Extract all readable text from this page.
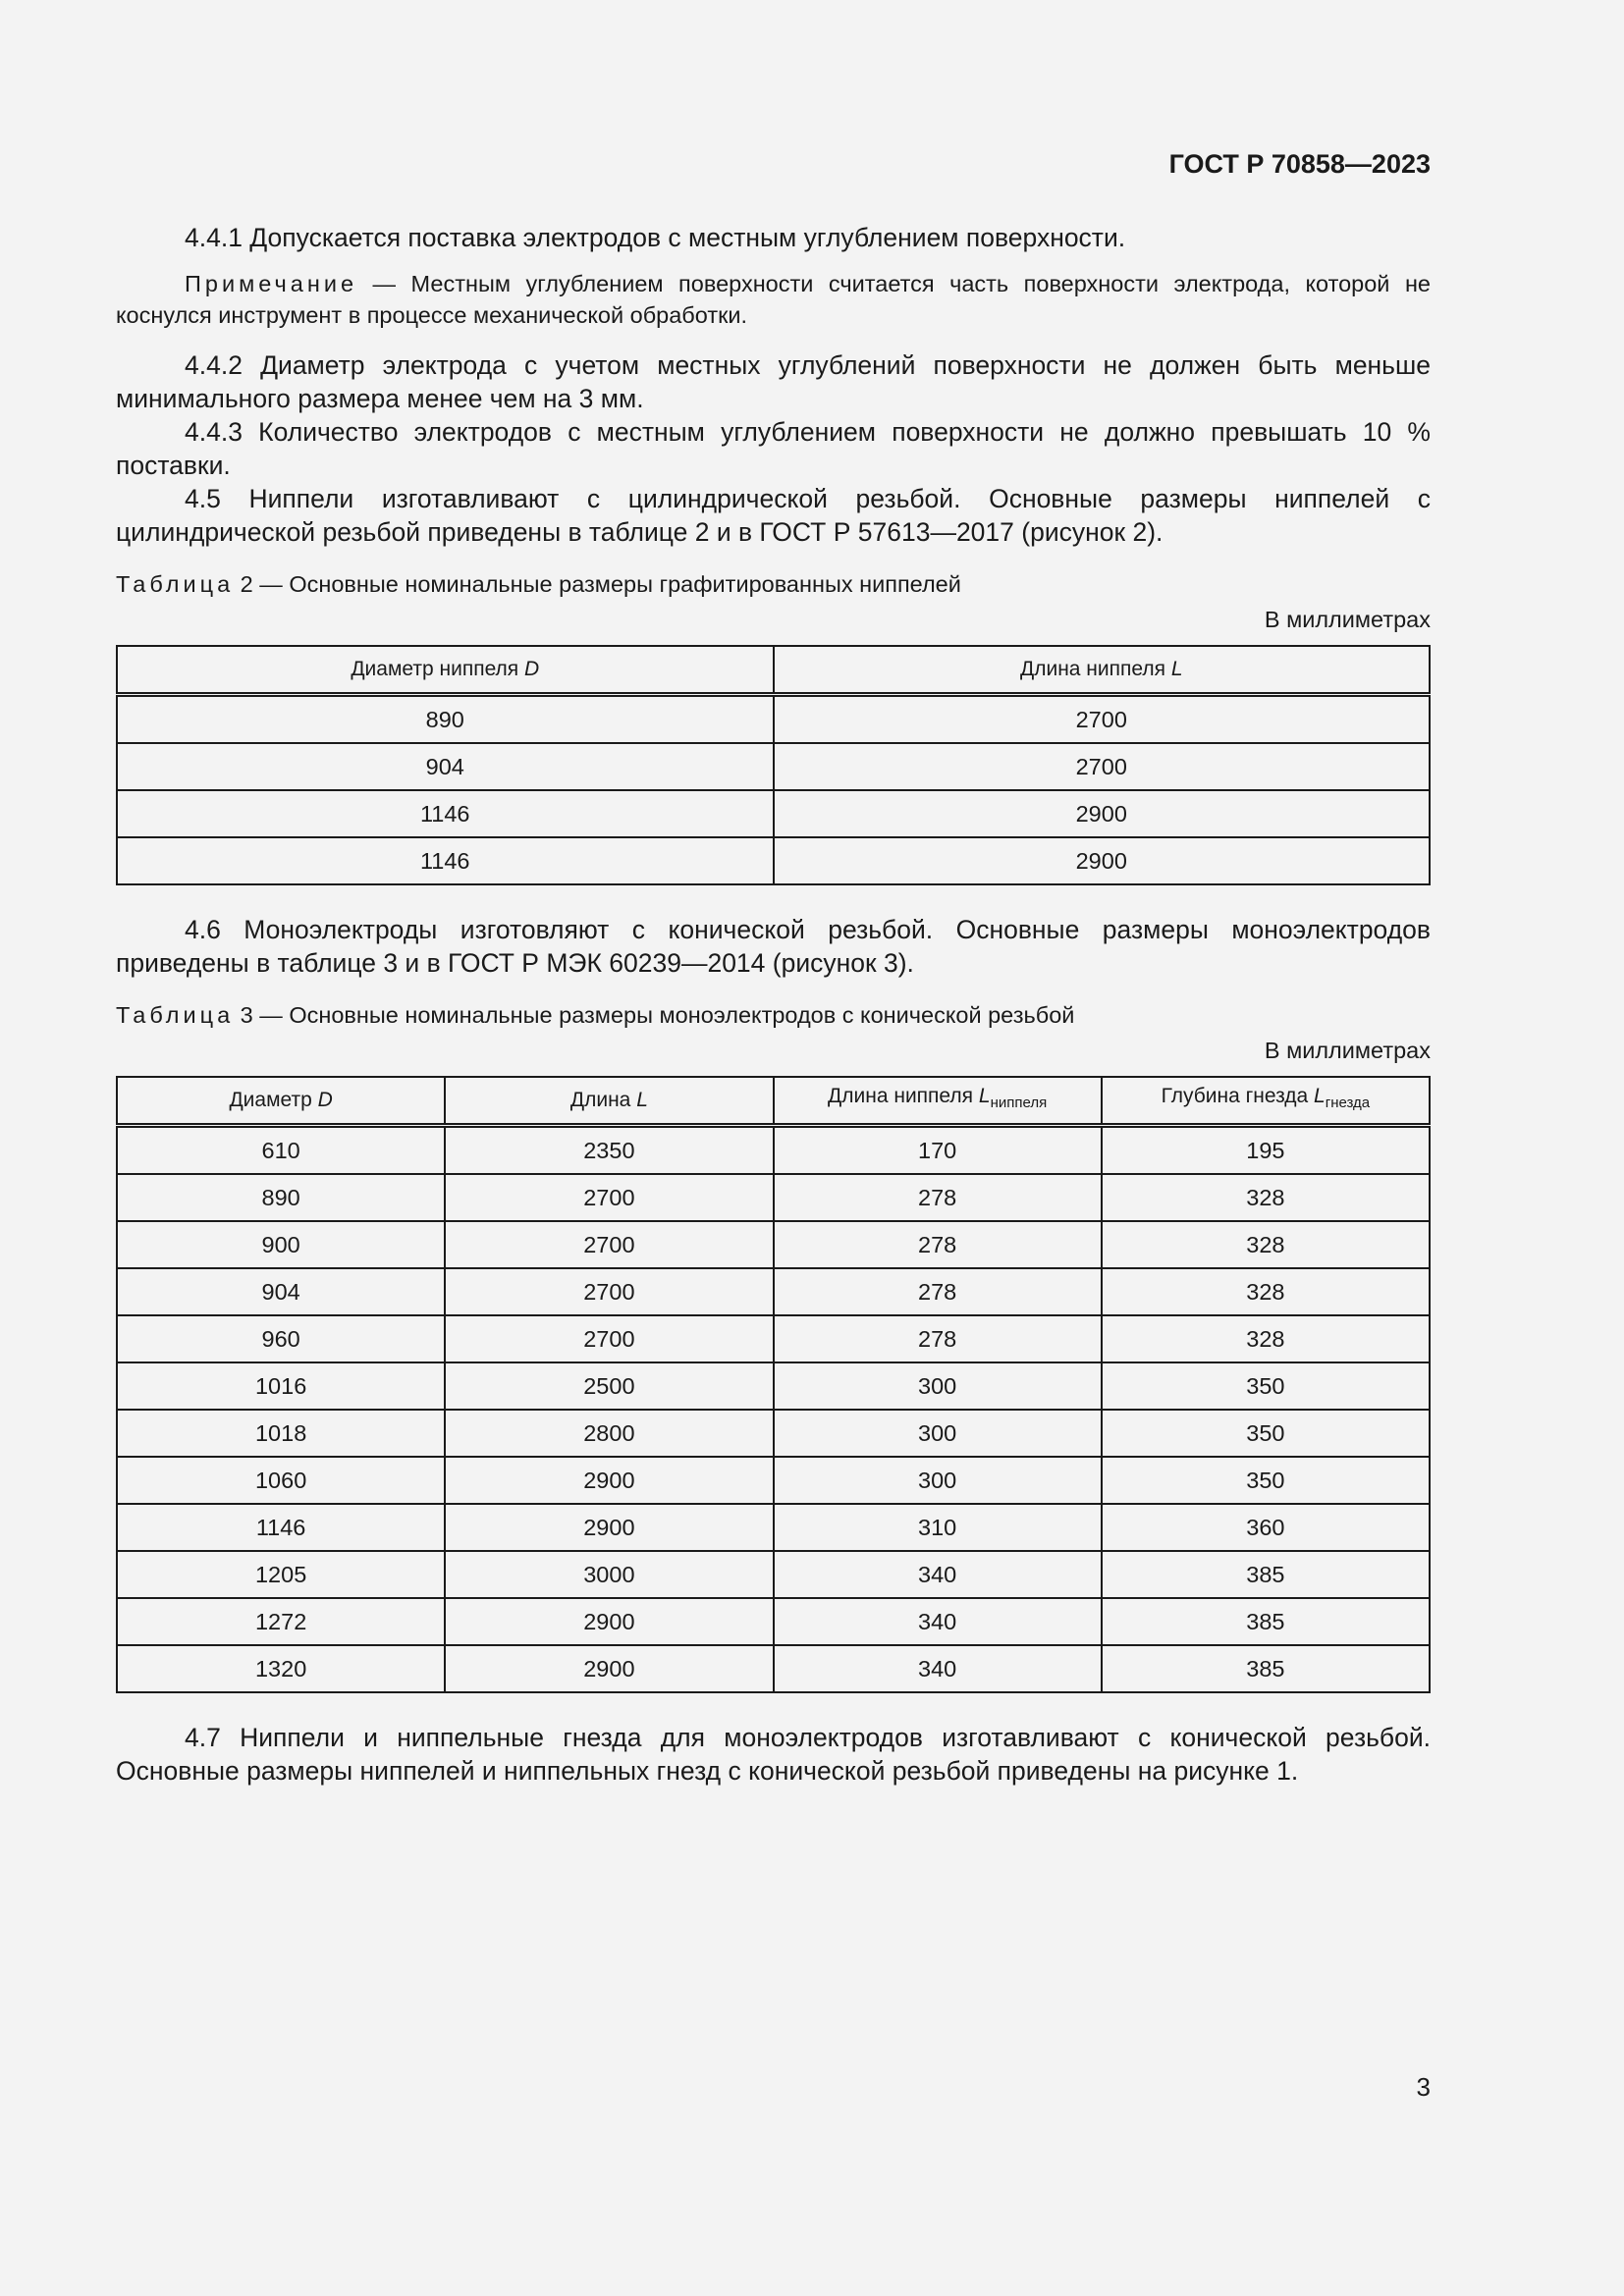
ГОСТ Р 70858—2023

4.4.1 Допускается поставка электродов с местным углублением поверхности.

Примечание — Местным углублением поверхности считается часть поверхности электрода, которой не коснулся инструмент в процессе механической обработки.

4.4.2 Диаметр электрода с учетом местных углублений поверхности не должен быть меньше минимального размера менее чем на 3 мм.

4.4.3 Количество электродов с местным углублением поверхности не должно превышать 10 % поставки.

4.5 Ниппели изготавливают с цилиндрической резьбой. Основные размеры ниппелей с цилиндрической резьбой приведены в таблице 2 и в ГОСТ Р 57613—2017 (рисунок 2).

Таблица 2 — Основные номинальные размеры графитированных ниппелей
В миллиметрах
Диаметр ниппеля D	Длина ниппеля L
890	2700
904	2700
1146	2900
1146	2900

4.6 Моноэлектроды изготовляют с конической резьбой. Основные размеры моноэлектродов приведены в таблице 3 и в ГОСТ Р МЭК 60239—2014 (рисунок 3).

Таблица 3 — Основные номинальные размеры моноэлектродов с конической резьбой
В миллиметрах
Диаметр D	Длина L	Длина ниппеля $L_{ниппеля}$	Глубина гнезда $L_{гнезда}$
610	2350	170	195
890	2700	278	328
900	2700	278	328
904	2700	278	328
960	2700	278	328
1016	2500	300	350
1018	2800	300	350
1060	2900	300	350
1146	2900	310	360
1205	3000	340	385
1272	2900	340	385
1320	2900	340	385

4.7 Ниппели и ниппельные гнезда для моноэлектродов изготавливают с конической резьбой. Основные размеры ниппелей и ниппельных гнезд с конической резьбой приведены на рисунке 1.

3
